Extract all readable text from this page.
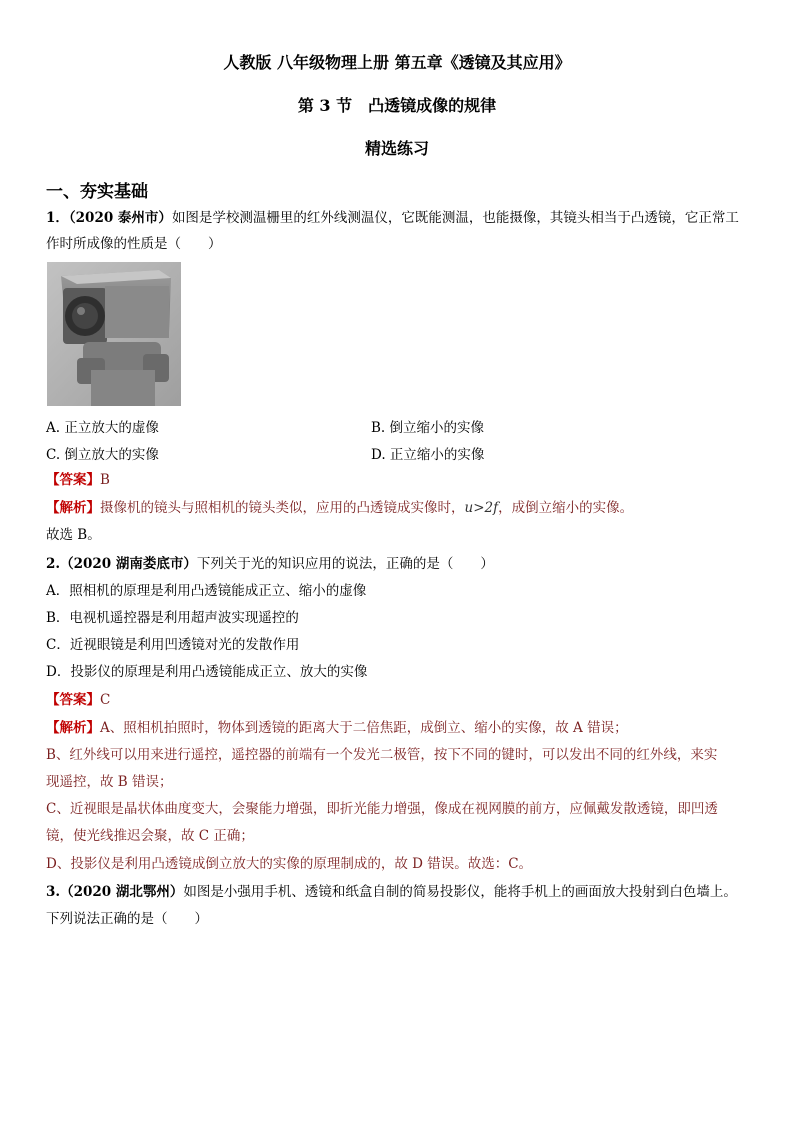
人教版 八年级物理上册 第五章《透镜及其应用》
第 3 节　凸透镜成像的规律
精选练习
一、夯实基础
1．（2020 泰州市）如图是学校测温栅里的红外线测温仪，它既能测温，也能摄像，其镜头相当于凸透镜，它正常工
作时所成像的性质是（　　）
A. 正立放大的虚像	B. 倒立缩小的实像
C. 倒立放大的实像	D. 正立缩小的实像
【答案】B
【解析】摄像机的镜头与照相机的镜头类似，应用的凸透镜成实像时，u>2f，成倒立缩小的实像。
故选 B。
2.（2020 湖南娄底市）下列关于光的知识应用的说法，正确的是（　　）
A．照相机的原理是利用凸透镜能成正立、缩小的虚像
B．电视机遥控器是利用超声波实现遥控的
C．近视眼镜是利用凹透镜对光的发散作用
D．投影仪的原理是利用凸透镜能成正立、放大的实像
【答案】C
【解析】A、照相机拍照时，物体到透镜的距离大于二倍焦距，成倒立、缩小的实像，故 A 错误；
B、红外线可以用来进行遥控，遥控器的前端有一个发光二极管，按下不同的键时，可以发出不同的红外线，来实
现遥控，故 B 错误；
C、近视眼是晶状体曲度变大，会聚能力增强，即折光能力增强，像成在视网膜的前方，应佩戴发散透镜，即凹透
镜，使光线推迟会聚，故 C 正确；
D、投影仪是利用凸透镜成倒立放大的实像的原理制成的，故 D 错误。故选：C。
3.（2020 湖北鄂州）如图是小强用手机、透镜和纸盒自制的简易投影仪，能将手机上的画面放大投射到白色墙上。
下列说法正确的是（　　）
